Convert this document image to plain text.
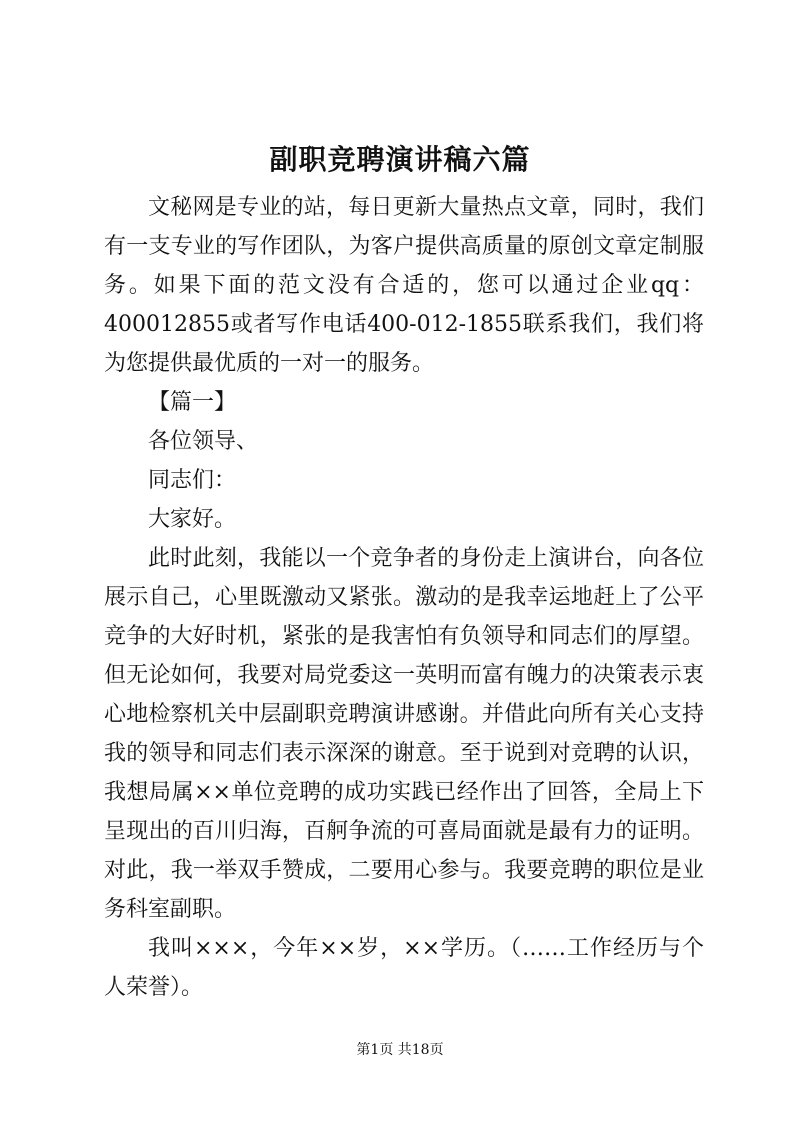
副职竞聘演讲稿六篇

文秘网是专业的站，每日更新大量热点文章，同时，我们有一支专业的写作团队，为客户提供高质量的原创文章定制服务。如果下面的范文没有合适的，您可以通过企业qq：400012855或者写作电话400-012-1855联系我们，我们将为您提供最优质的一对一的服务。

【篇一】

各位领导、

同志们：

大家好。

此时此刻，我能以一个竞争者的身份走上演讲台，向各位展示自己，心里既激动又紧张。激动的是我幸运地赶上了公平竞争的大好时机，紧张的是我害怕有负领导和同志们的厚望。但无论如何，我要对局党委这一英明而富有魄力的决策表示衷心地检察机关中层副职竞聘演讲感谢。并借此向所有关心支持我的领导和同志们表示深深的谢意。至于说到对竞聘的认识，我想局属××单位竞聘的成功实践已经作出了回答，全局上下呈现出的百川归海，百舸争流的可喜局面就是最有力的证明。对此，我一举双手赞成，二要用心参与。我要竞聘的职位是业务科室副职。

我叫×××，今年××岁，××学历。（……工作经历与个人荣誉）。

第1页 共18页
